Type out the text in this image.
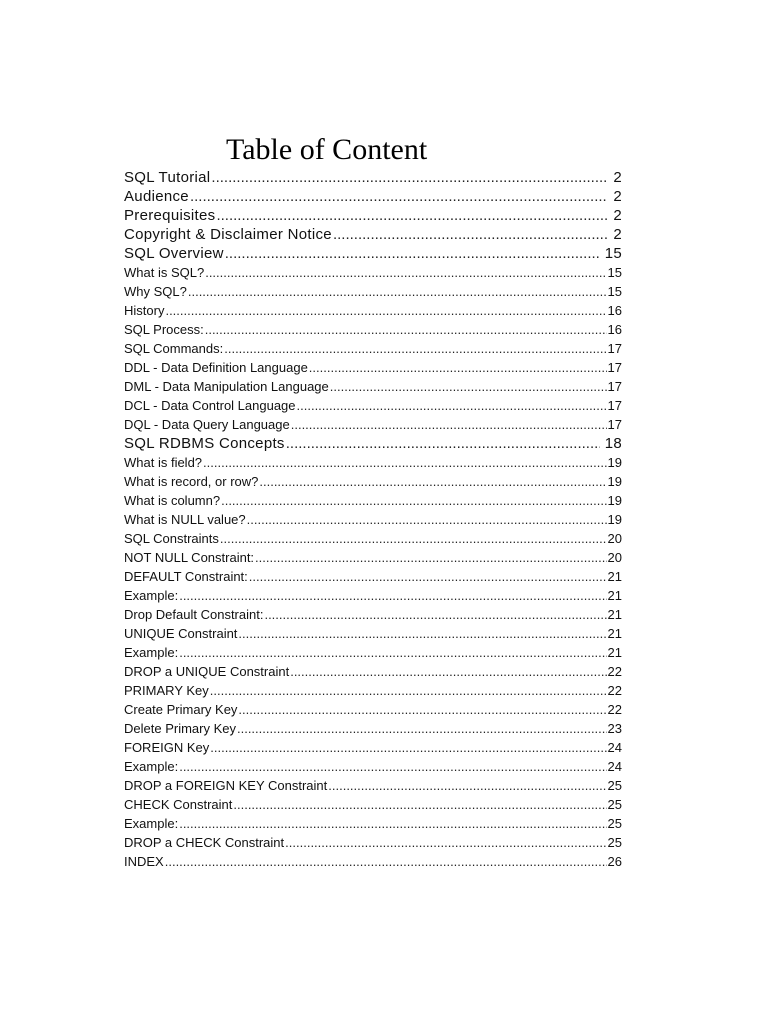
Table of Content
SQL Tutorial .....	2
Audience .....	2
Prerequisites .....	2
Copyright & Disclaimer Notice .....	2
SQL Overview .....	15
What is SQL? .....	15
Why SQL? .....	15
History .....	16
SQL Process: .....	16
SQL Commands: .....	17
DDL - Data Definition Language .....	17
DML - Data Manipulation Language .....	17
DCL - Data Control Language .....	17
DQL - Data Query Language .....	17
SQL RDBMS Concepts .....	18
What is field? .....	19
What is record, or row? .....	19
What is column? .....	19
What is NULL value? .....	19
SQL Constraints .....	20
NOT NULL Constraint: .....	20
DEFAULT Constraint: .....	21
Example: .....	21
Drop Default Constraint: .....	21
UNIQUE Constraint .....	21
Example: .....	21
DROP a UNIQUE Constraint .....	22
PRIMARY Key .....	22
Create Primary Key .....	22
Delete Primary Key .....	23
FOREIGN Key .....	24
Example: .....	24
DROP a FOREIGN KEY Constraint .....	25
CHECK Constraint .....	25
Example: .....	25
DROP a CHECK Constraint .....	25
INDEX .....	26
